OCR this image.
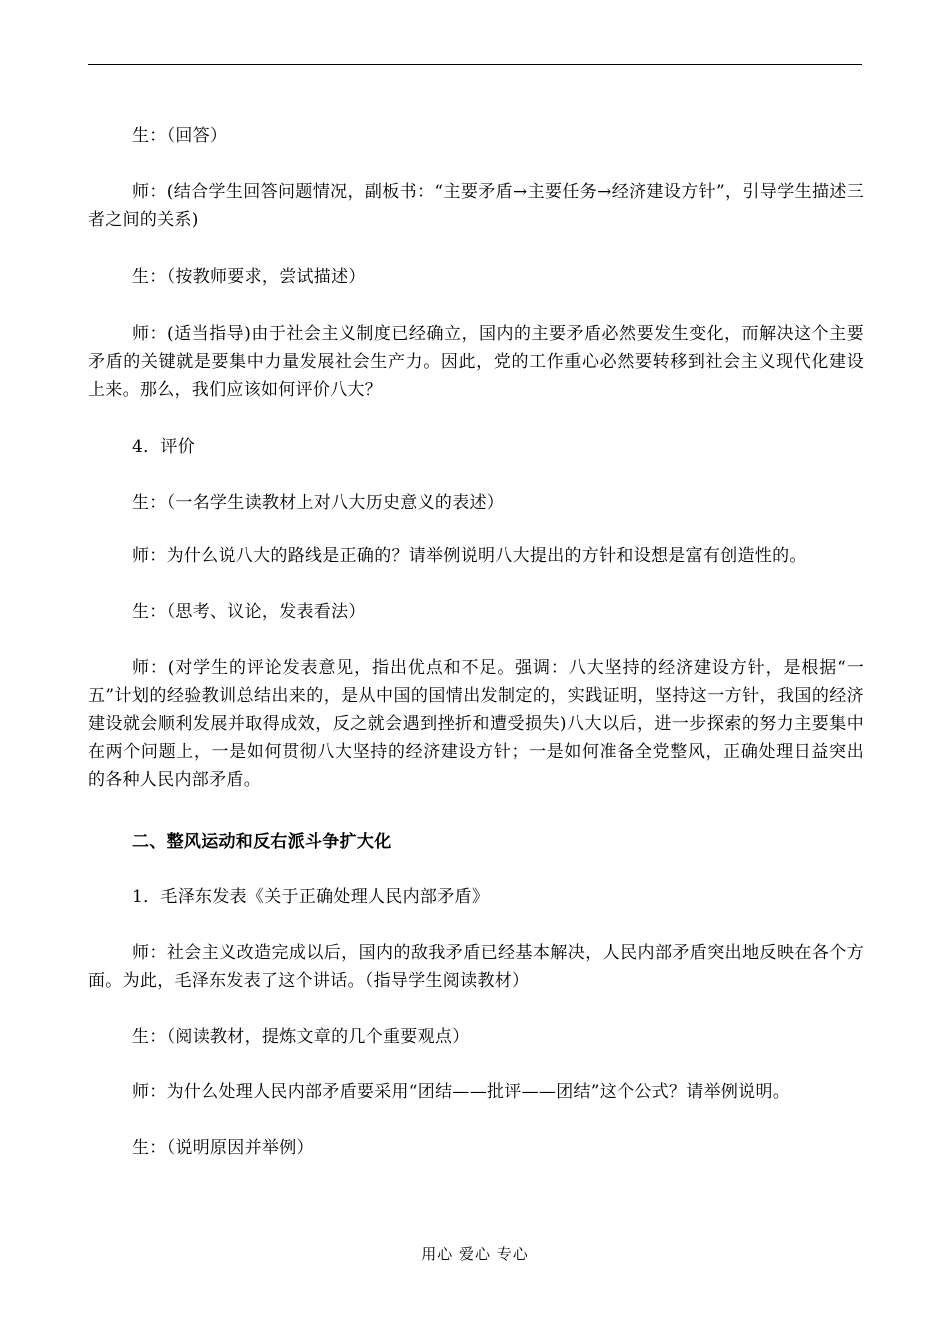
生：（回答）
师：(结合学生回答问题情况，副板书：“主要矛盾→主要任务→经济建设方针”，引导学生描述三者之间的关系)
生：（按教师要求，尝试描述）
师：(适当指导)由于社会主义制度已经确立，国内的主要矛盾必然要发生变化，而解决这个主要矛盾的关键就是要集中力量发展社会生产力。因此，党的工作重心必然要转移到社会主义现代化建设上来。那么，我们应该如何评价八大？
4．评价
生：（一名学生读教材上对八大历史意义的表述）
师：为什么说八大的路线是正确的？请举例说明八大提出的方针和设想是富有创造性的。
生：（思考、议论，发表看法）
师：(对学生的评论发表意见，指出优点和不足。强调：八大坚持的经济建设方针，是根据“一五”计划的经验教训总结出来的，是从中国的国情出发制定的，实践证明，坚持这一方针，我国的经济建设就会顺利发展并取得成效，反之就会遇到挫折和遭受损失)八大以后，进一步探索的努力主要集中在两个问题上，一是如何贯彻八大坚持的经济建设方针；一是如何准备全党整风，正确处理日益突出的各种人民内部矛盾。
二、整风运动和反右派斗争扩大化
1．毛泽东发表《关于正确处理人民内部矛盾》
师：社会主义改造完成以后，国内的敌我矛盾已经基本解决，人民内部矛盾突出地反映在各个方面。为此，毛泽东发表了这个讲话。（指导学生阅读教材）
生：（阅读教材，提炼文章的几个重要观点）
师：为什么处理人民内部矛盾要采用“团结——批评——团结”这个公式？请举例说明。
生：（说明原因并举例）
用心 爱心 专心
